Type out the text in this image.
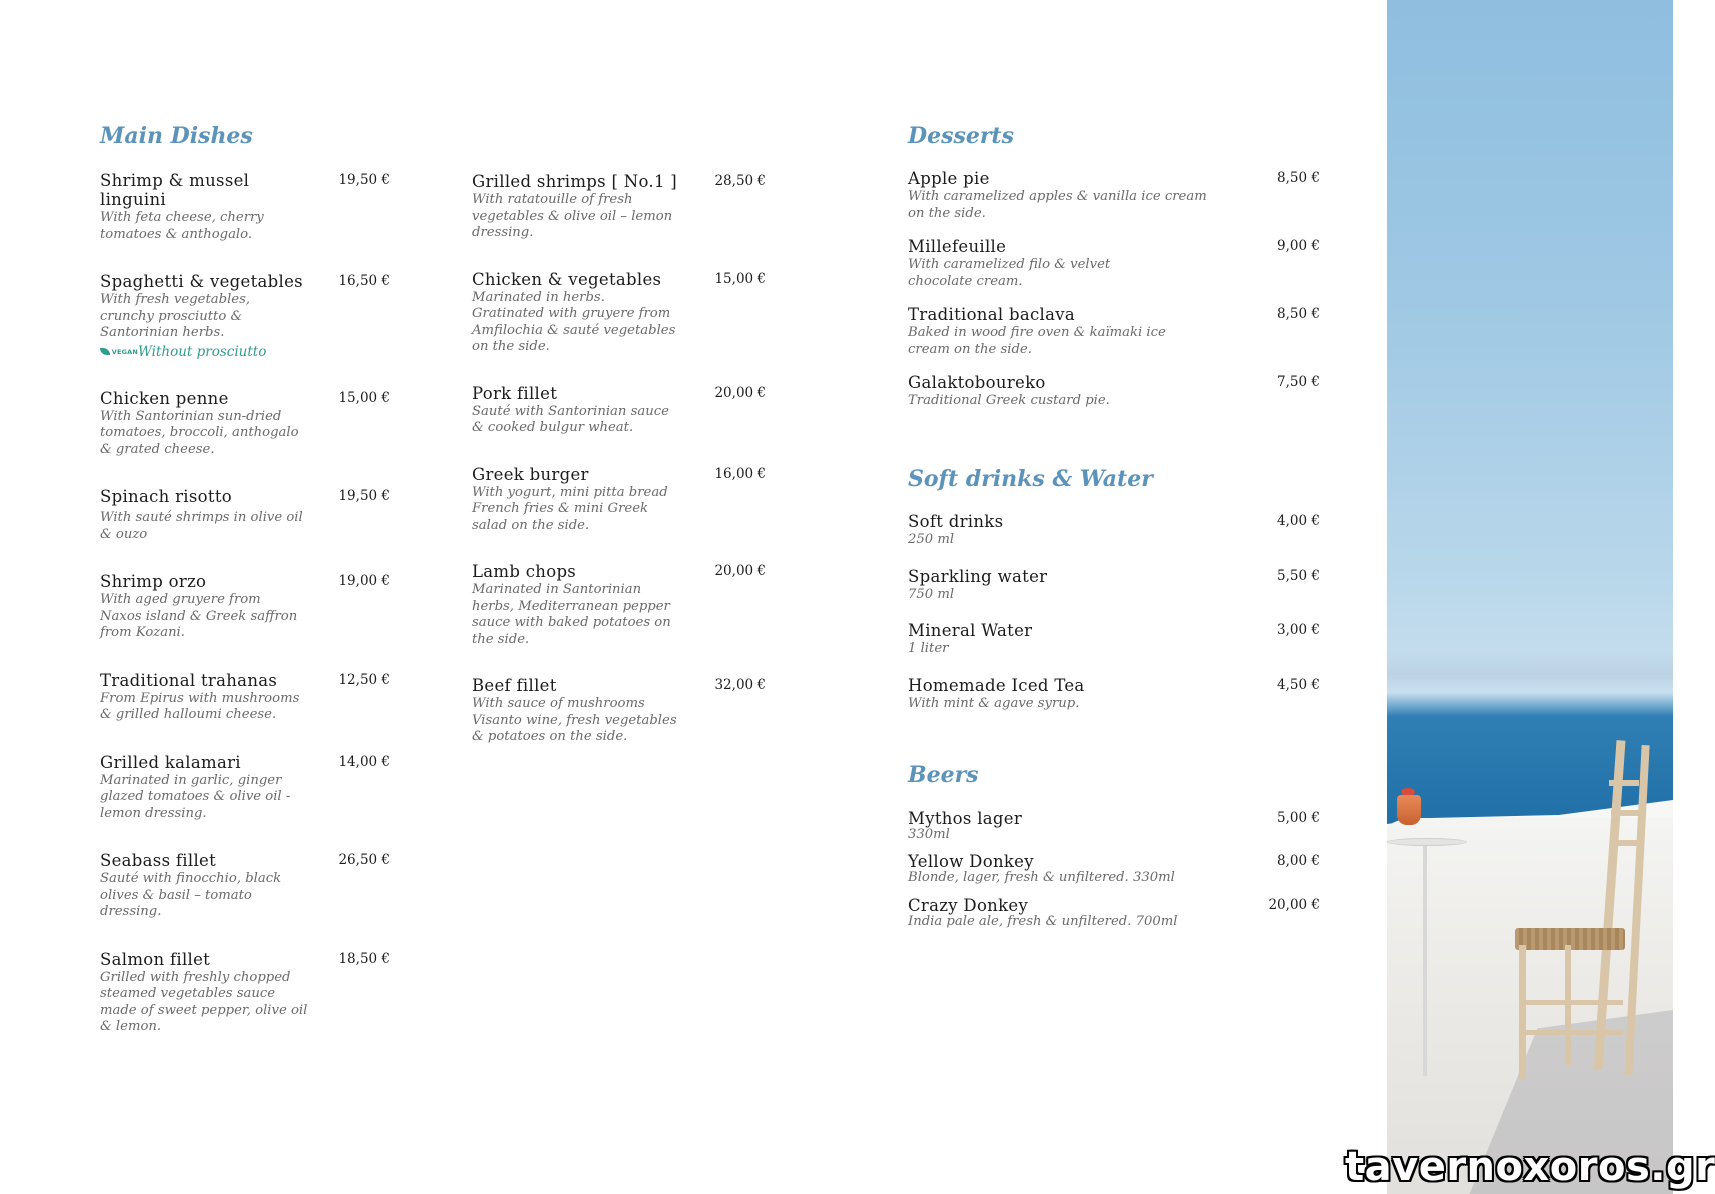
Main Dishes
Shrimp & mussel linguini
19,50 €
With feta cheese, cherry tomatoes & anthogalo.
Spaghetti & vegetables	16,50 €
With fresh vegetables, crunchy prosciutto & Santorinian herbs.
VEGAN Without prosciutto
Chicken penne	15,00 €
With Santorinian sun-dried tomatoes, broccoli, anthogalo & grated cheese.
Spinach risotto	19,50 €
With sauté shrimps in olive oil & ouzo
Shrimp orzo	19,00 €
With aged gruyere from Naxos island & Greek saffron from Kozani.
Traditional trahanas	12,50 €
From Epirus with mushrooms & grilled halloumi cheese.
Grilled kalamari	14,00 €
Marinated in garlic, ginger glazed tomatoes & olive oil - lemon dressing.
Seabass fillet	26,50 €
Sauté with finocchio, black olives & basil – tomato dressing.
Salmon fillet	18,50 €
Grilled with freshly chopped steamed vegetables sauce made of sweet pepper, olive oil & lemon.
Grilled shrimps [ No.1 ]	28,50 €
With ratatouille of fresh vegetables & olive oil – lemon dressing.
Chicken & vegetables	15,00 €
Marinated in herbs. Gratinated with gruyere from Amfilochia & sauté vegetables on the side.
Pork fillet	20,00 €
Sauté with Santorinian sauce & cooked bulgur wheat.
Greek burger	16,00 €
With yogurt, mini pitta bread French fries & mini Greek salad on the side.
Lamb chops	20,00 €
Marinated in Santorinian herbs, Mediterranean pepper sauce with baked potatoes on the side.
Beef fillet	32,00 €
With sauce of mushrooms Visanto wine, fresh vegetables & potatoes on the side.
Desserts
Apple pie	8,50 €
With caramelized apples & vanilla ice cream on the side.
Millefeuille	9,00 €
With caramelized filo & velvet chocolate cream.
Traditional baclava	8,50 €
Baked in wood fire oven & kaïmaki ice cream on the side.
Galaktoboureko	7,50 €
Traditional Greek custard pie.
Soft drinks & Water
Soft drinks	4,00 €
250 ml
Sparkling water	5,50 €
750 ml
Mineral Water	3,00 €
1 liter
Homemade Iced Tea	4,50 €
With mint & agave syrup.
Beers
Mythos lager	5,00 €
330ml
Yellow Donkey	8,00 €
Blonde, lager, fresh & unfiltered. 330ml
Crazy Donkey	20,00 €
India pale ale, fresh & unfiltered. 700ml
tavernoxoros.gr
